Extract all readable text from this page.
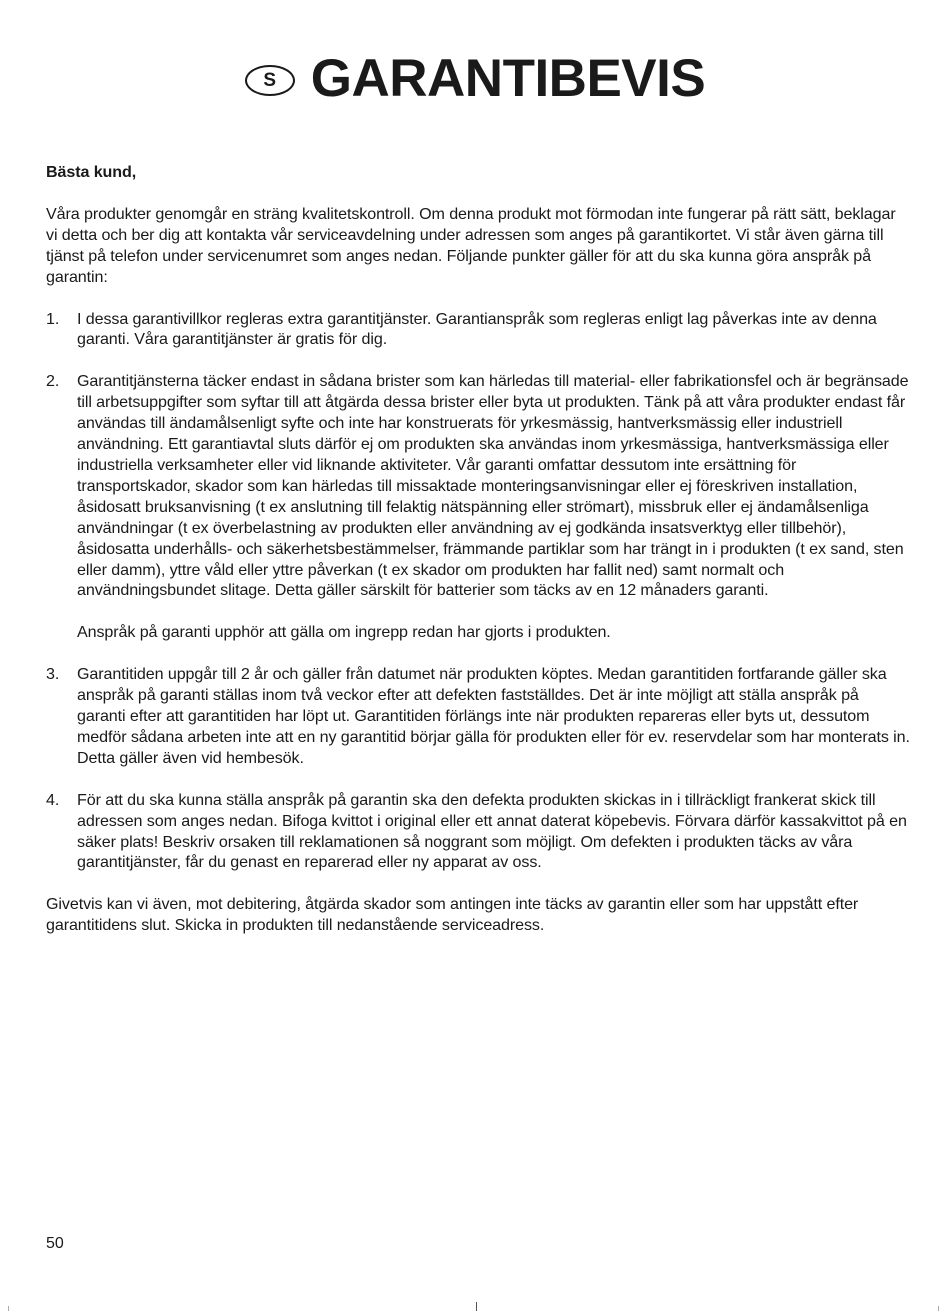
S GARANTIBEVIS

Bästa kund,

Våra produkter genomgår en sträng kvalitetskontroll. Om denna produkt mot förmodan inte fungerar på rätt sätt, beklagar vi detta och ber dig att kontakta vår serviceavdelning under adressen som anges på garantikortet. Vi står även gärna till tjänst på telefon under servicenumret som anges nedan. Följande punkter gäller för att du ska kunna göra anspråk på garantin:

1. I dessa garantivillkor regleras extra garantitjänster. Garantianspråk som regleras enligt lag påverkas inte av denna garanti. Våra garantitjänster är gratis för dig.

2. Garantitjänsterna täcker endast in sådana brister som kan härledas till material- eller fabrikationsfel och är begränsade till arbetsuppgifter som syftar till att åtgärda dessa brister eller byta ut produkten. Tänk på att våra produkter endast får användas till ändamålsenligt syfte och inte har konstruerats för yrkesmässig, hantverksmässig eller industriell användning. Ett garantiavtal sluts därför ej om produkten ska användas inom yrkesmässiga, hantverksmässiga eller industriella verksamheter eller vid liknande aktiviteter. Vår garanti omfattar dessutom inte ersättning för transportskador, skador som kan härledas till missaktade monteringsanvisningar eller ej föreskriven installation, åsidosatt bruksanvisning (t ex anslutning till felaktig nätspänning eller strömart), missbruk eller ej ändamålsenliga användningar (t ex överbelastning av produkten eller användning av ej godkända insatsverktyg eller tillbehör), åsidosatta underhålls- och säkerhetsbestämmelser, främmande partiklar som har trängt in i produkten (t ex sand, sten eller damm), yttre våld eller yttre påverkan (t ex skador om produkten har fallit ned) samt normalt och användningsbundet slitage. Detta gäller särskilt för batterier som täcks av en 12 månaders garanti.

Anspråk på garanti upphör att gälla om ingrepp redan har gjorts i produkten.

3. Garantitiden uppgår till 2 år och gäller från datumet när produkten köptes. Medan garantitiden fortfarande gäller ska anspråk på garanti ställas inom två veckor efter att defekten fastställdes. Det är inte möjligt att ställa anspråk på garanti efter att garantitiden har löpt ut. Garantitiden förlängs inte när produkten repareras eller byts ut, dessutom medför sådana arbeten inte att en ny garantitid börjar gälla för produkten eller för ev. reservdelar som har monterats in. Detta gäller även vid hembesök.

4. För att du ska kunna ställa anspråk på garantin ska den defekta produkten skickas in i tillräckligt frankerat skick till adressen som anges nedan. Bifoga kvittot i original eller ett annat daterat köpebevis. Förvara därför kassakvittot på en säker plats! Beskriv orsaken till reklamationen så noggrant som möjligt. Om defekten i produkten täcks av våra garantitjänster, får du genast en reparerad eller ny apparat av oss.

Givetvis kan vi även, mot debitering, åtgärda skador som antingen inte täcks av garantin eller som har uppstått efter garantitidens slut. Skicka in produkten till nedanstående serviceadress.

50
